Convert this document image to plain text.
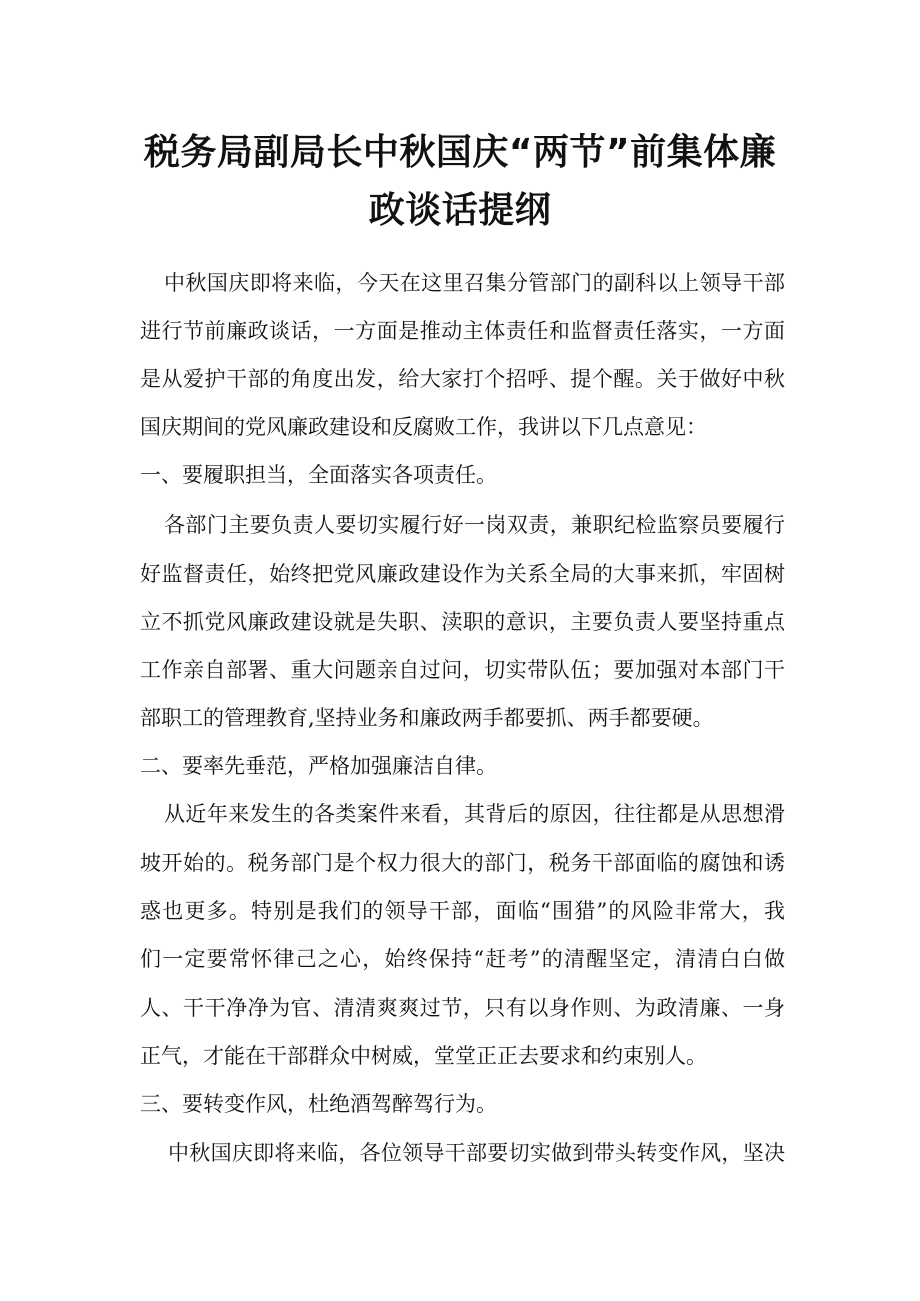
税务局副局长中秋国庆“两节”前集体廉
政谈话提纲
中秋国庆即将来临，今天在这里召集分管部门的副科以上领导干部
进行节前廉政谈话，一方面是推动主体责任和监督责任落实，一方面
是从爱护干部的角度出发，给大家打个招呼、提个醒。关于做好中秋
国庆期间的党风廉政建设和反腐败工作，我讲以下几点意见：
一、要履职担当，全面落实各项责任。
各部门主要负责人要切实履行好一岗双责，兼职纪检监察员要履行
好监督责任，始终把党风廉政建设作为关系全局的大事来抓，牢固树
立不抓党风廉政建设就是失职、渎职的意识，主要负责人要坚持重点
工作亲自部署、重大问题亲自过问，切实带队伍；要加强对本部门干
部职工的管理教育,坚持业务和廉政两手都要抓、两手都要硬。
二、要率先垂范，严格加强廉洁自律。
从近年来发生的各类案件来看，其背后的原因，往往都是从思想滑
坡开始的。税务部门是个权力很大的部门，税务干部面临的腐蚀和诱
惑也更多。特别是我们的领导干部，面临“围猎”的风险非常大，我
们一定要常怀律己之心，始终保持“赶考”的清醒坚定，清清白白做
人、干干净净为官、清清爽爽过节，只有以身作则、为政清廉、一身
正气，才能在干部群众中树威，堂堂正正去要求和约束别人。
三、要转变作风，杜绝酒驾醉驾行为。
中秋国庆即将来临，各位领导干部要切实做到带头转变作风，坚决
